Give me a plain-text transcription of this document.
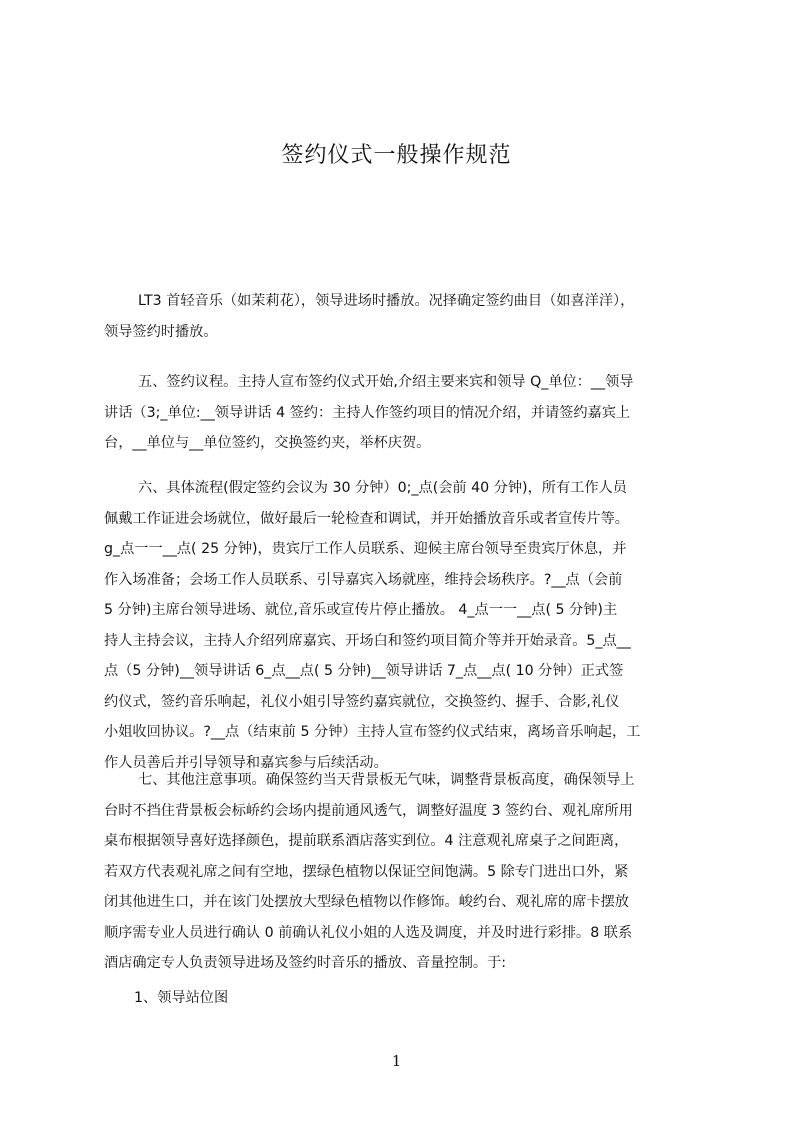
签约仪式一般操作规范
LT3 首轻音乐（如茉莉花），领导进场时播放。况择确定签约曲目（如喜洋洋），
领导签约时播放。
五、签约议程。主持人宣布签约仪式开始,介绍主要来宾和领导 Q_单位：__领导
讲话（3;_单位:__领导讲话 4 签约：主持人作签约项目的情况介绍，并请签约嘉宾上
台，__单位与__单位签约，交换签约夹，举杯庆贺。
六、具体流程(假定签约会议为 30 分钟）0;_点(会前 40 分钟)，所有工作人员
佩戴工作证进会场就位，做好最后一轮检查和调试，并开始播放音乐或者宣传片等。
g_点一一__点( 25 分钟)，贵宾厅工作人员联系、迎候主席台领导至贵宾厅休息，并
作入场准备；会场工作人员联系、引导嘉宾入场就座，维持会场秩序。?__点（会前
5 分钟)主席台领导进场、就位,音乐或宣传片停止播放。 4_点一一__点( 5 分钟)主
持人主持会议，主持人介绍列席嘉宾、开场白和签约项目简介等并开始录音。5_点__
点（5 分钟)__领导讲话 6_点__点( 5 分钟)__领导讲话 7_点__点( 10 分钟）正式签
约仪式，签约音乐响起，礼仪小姐引导签约嘉宾就位，交换签约、握手、合影,礼仪
小姐收回协议。?__点（结束前 5 分钟）主持人宣布签约仪式结束，离场音乐响起，工
作人员善后并引导领导和嘉宾参与后续活动。
七、其他注意事项。确保签约当天背景板无气味，调整背景板高度，确保领导上
台时不挡住背景板会标峤约会场内提前通风透气，调整好温度 3 签约台、观礼席所用
桌布根据领导喜好选择颜色，提前联系酒店落实到位。4 注意观礼席桌子之间距离，
若双方代表观礼席之间有空地，摆绿色植物以保证空间饱满。5 除专门进出口外，紧
闭其他进生口，并在该门处摆放大型绿色植物以作修饰。峻约台、观礼席的席卡摆放
顺序需专业人员进行确认 0 前确认礼仪小姐的人选及调度，并及时进行彩排。8 联系
酒店确定专人负责领导进场及签约时音乐的播放、音量控制。于:
1、领导站位图
1
